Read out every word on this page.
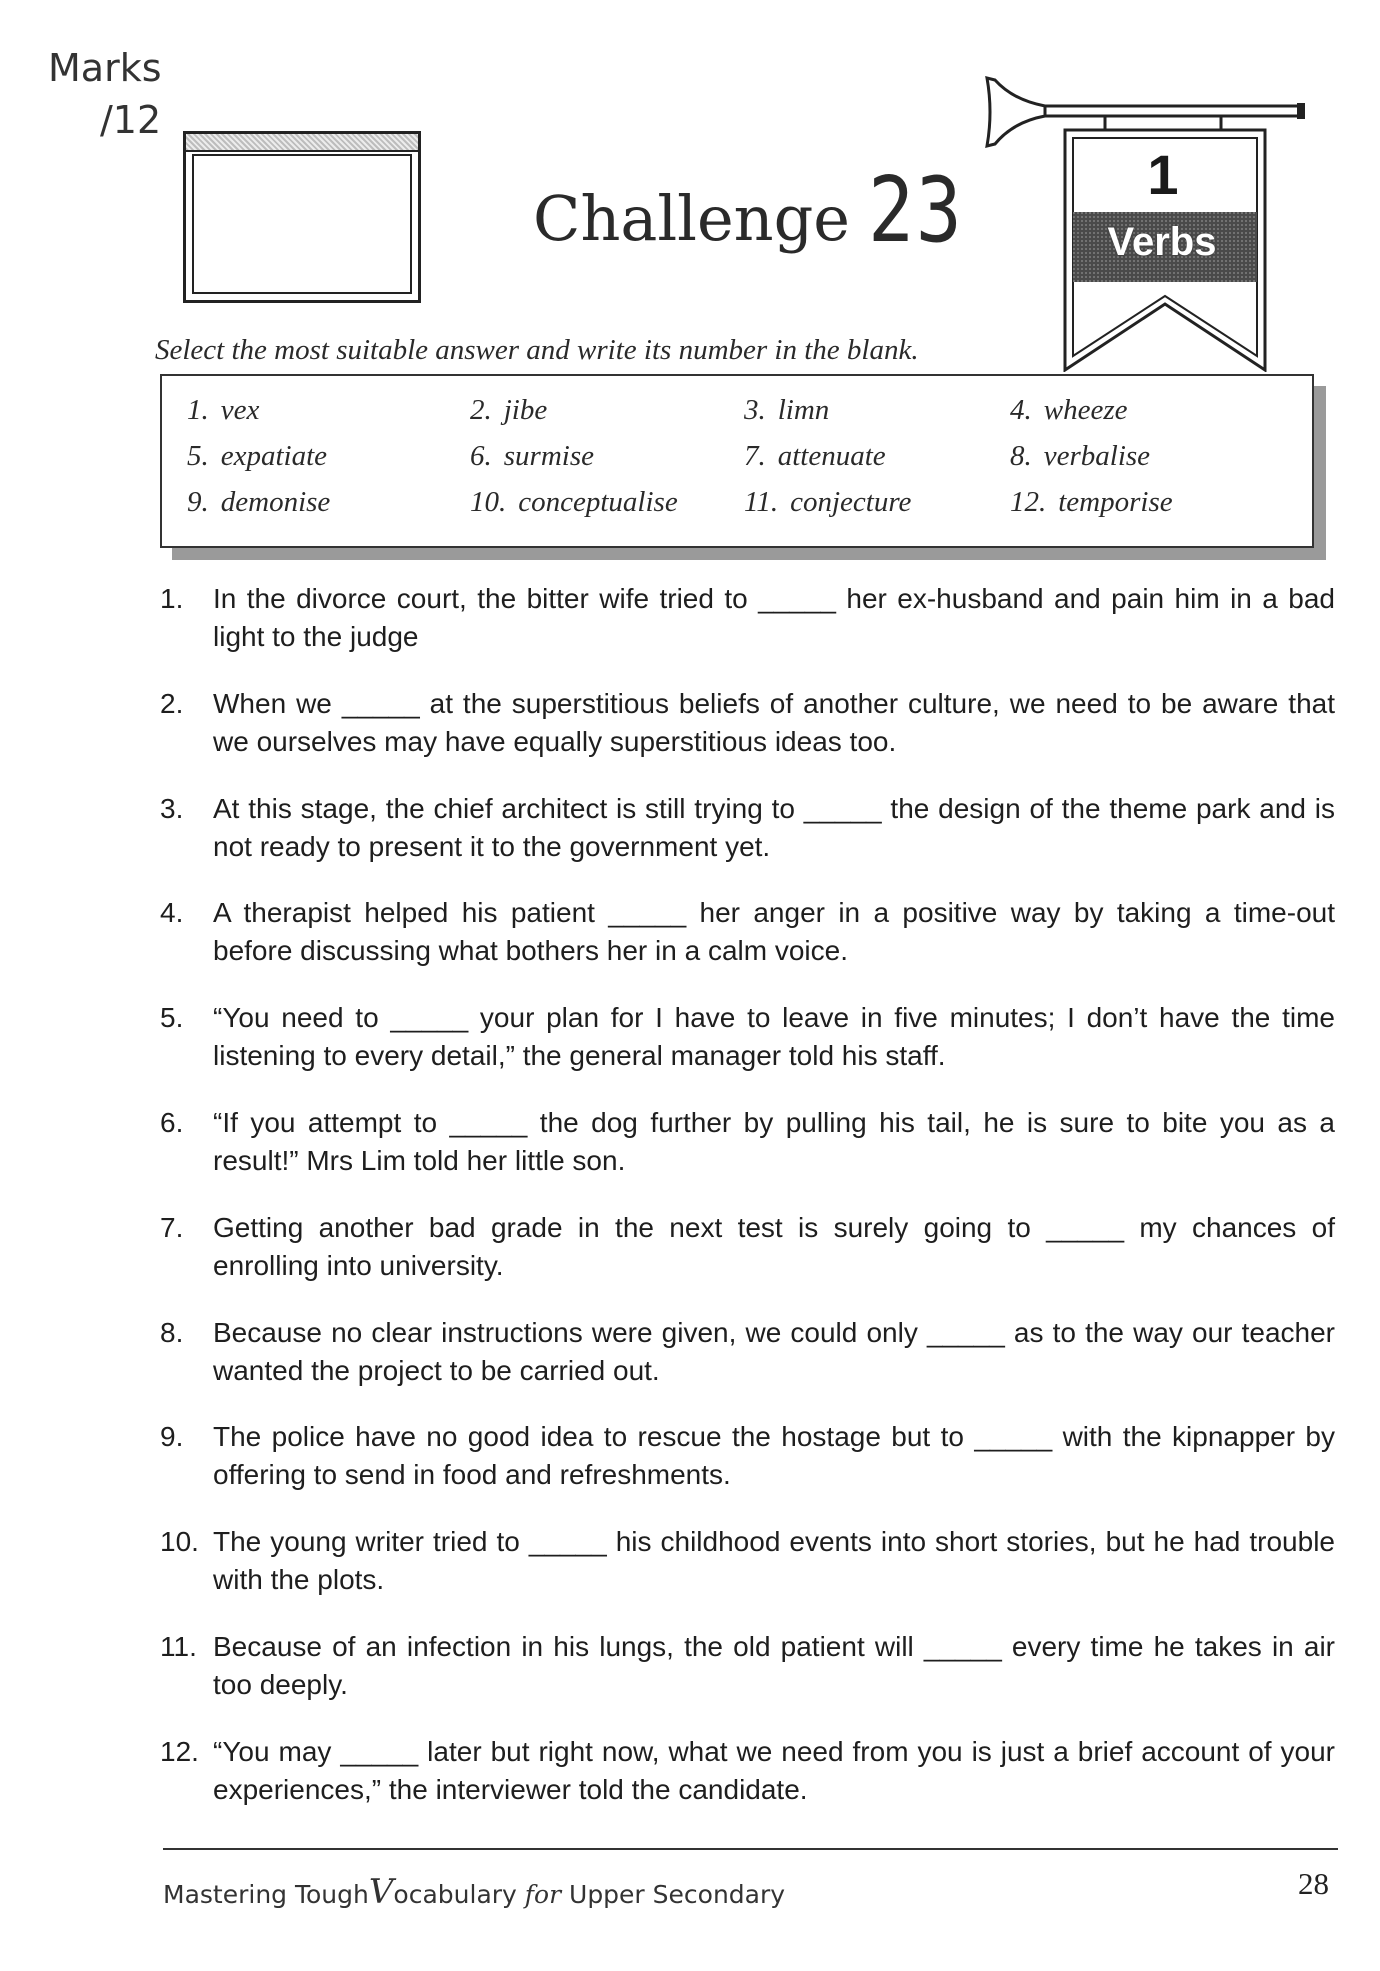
Marks
/12
Challenge 23	1
Verbs
Select the most suitable answer and write its number in the blank.
1. vex	2. jibe	3. limn	4. wheeze
5. expatiate	6. surmise	7. attenuate	8. verbalise
9. demonise	10. conceptualise 11. conjecture	12. temporise
1. In the divorce court, the bitter wife tried to _____ her ex-husband and pain him in a bad light to the judge
2. When we _____ at the superstitious beliefs of another culture, we need to be aware that we ourselves may have equally superstitious ideas too.
3. At this stage, the chief architect is still trying to _____ the design of the theme park and is not ready to present it to the government yet.
4. A therapist helped his patient _____ her anger in a positive way by taking a time-out before discussing what bothers her in a calm voice.
5. “You need to _____ your plan for I have to leave in five minutes; I don’t have the time listening to every detail,” the general manager told his staff.
6. “If you attempt to _____ the dog further by pulling his tail, he is sure to bite you as a result!” Mrs Lim told her little son.
7. Getting another bad grade in the next test is surely going to _____ my chances of enrolling into university.
8. Because no clear instructions were given, we could only _____ as to the way our teacher wanted the project to be carried out.
9. The police have no good idea to rescue the hostage but to _____ with the kipnapper by offering to send in food and refreshments.
10. The young writer tried to _____ his childhood events into short stories, but he had trouble with the plots.
11. Because of an infection in his lungs, the old patient will _____ every time he takes in air too deeply.
12. “You may _____ later but right now, what we need from you is just a brief account of your experiences,” the interviewer told the candidate.
Mastering ToughVocabulary for Upper Secondary	28
